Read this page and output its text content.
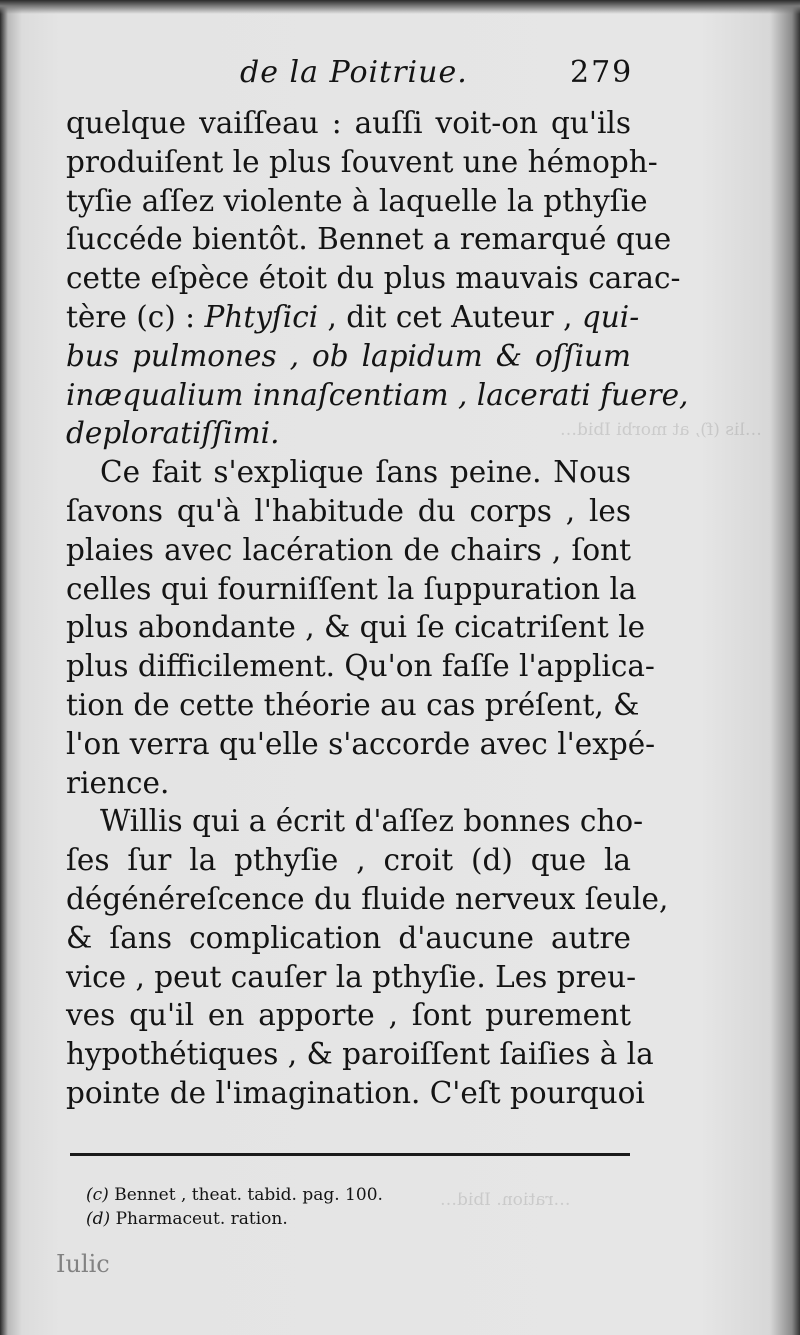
de la Poitriue.	279
…lis (f), at morbi Ibid…
…ration. Ibid…
quelque vaiſſeau : auſſi voit-on qu'ils
produiſent le plus ſouvent une hémoph-
tyſie aſſez violente à laquelle la pthyſie
ſuccéde bientôt. Bennet a remarqué que
cette eſpèce étoit du plus mauvais carac-
tère (c) : Phtyſici , dit cet Auteur , qui-
bus pulmones , ob lapidum & oſſium
inæqualium innaſcentiam , lacerati fuere,
deploratiſſimi.
Ce fait s'explique ſans peine. Nous
ſavons qu'à l'habitude du corps , les
plaies avec lacération de chairs , ſont
celles qui fourniſſent la ſuppuration la
plus abondante , & qui ſe cicatriſent le
plus difficilement. Qu'on faſſe l'applica-
tion de cette théorie au cas préſent, &
l'on verra qu'elle s'accorde avec l'expé-
rience.
Willis qui a écrit d'aſſez bonnes cho-
ſes ſur la pthyſie , croit (d) que la
dégénéreſcence du fluide nerveux ſeule,
& ſans complication d'aucune autre
vice , peut cauſer la pthyſie. Les preu-
ves qu'il en apporte , ſont purement
hypothétiques , & paroiſſent ſaiſies à la
pointe de l'imagination. C'eſt pourquoi
(c) Bennet , theat. tabid. pag. 100.
(d) Pharmaceut. ration.
Iulic
